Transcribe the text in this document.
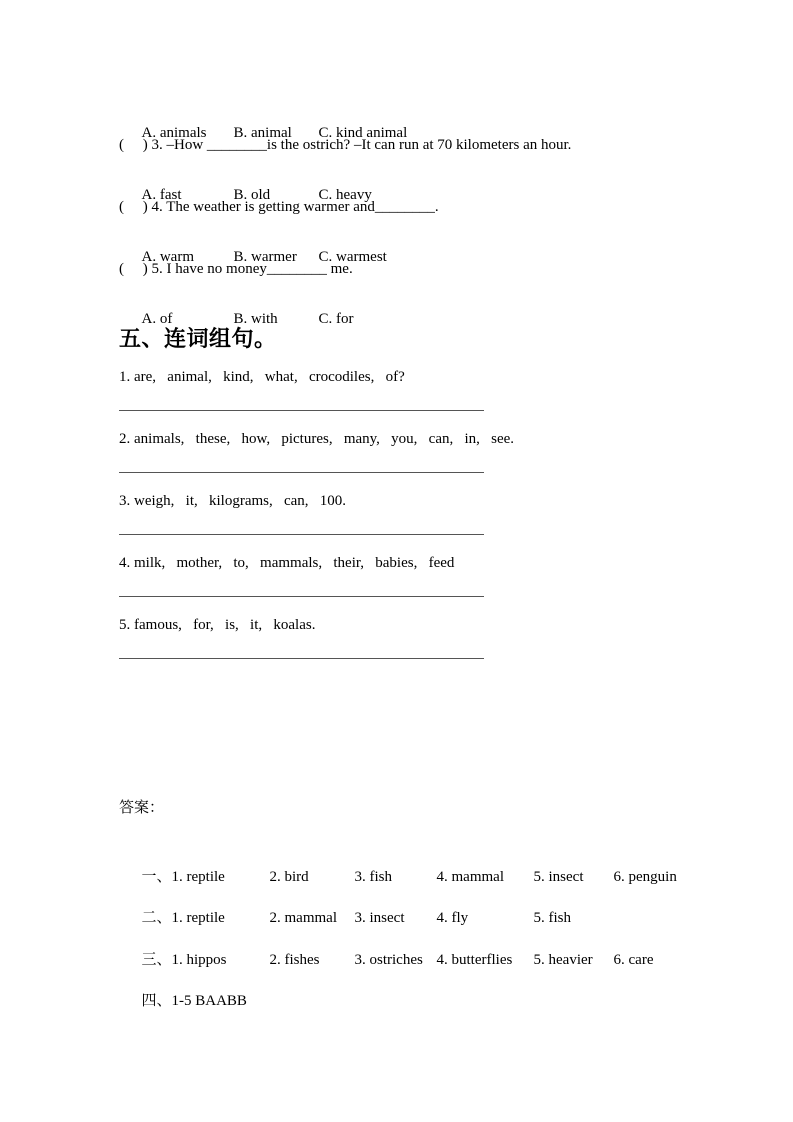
A. animals B. animal C. kind animal

(     ) 3. –How ________is the ostrich? –It can run at 70 kilometers an hour.

A. fast	B. old	C. heavy

(     ) 4. The weather is getting warmer and________.

A. warm	B. warmer C. warmest

(     ) 5. I have no money________ me.

A. of	B. with	C. for

五、连词组句。
1. are,   animal,   kind,   what,   crocodiles,   of?
2. animals,   these,   how,   pictures,   many,   you,   can,   in,   see.
3. weigh,   it,   kilograms,   can,   100.
4. milk,   mother,   to,   mammals,   their,   babies,   feed
5. famous,   for,   is,   it,   koalas.
答案：

一、1. reptile	2. bird	3. fish	4. mammal 5. insect 6. penguin

二、1. reptile	2. mammal 3. insect 4. fly	5. fish

三、1. hippos	2. fishes 3. ostriches 4. butterflies 5. heavier 6. care

四、1-5 BAABB
